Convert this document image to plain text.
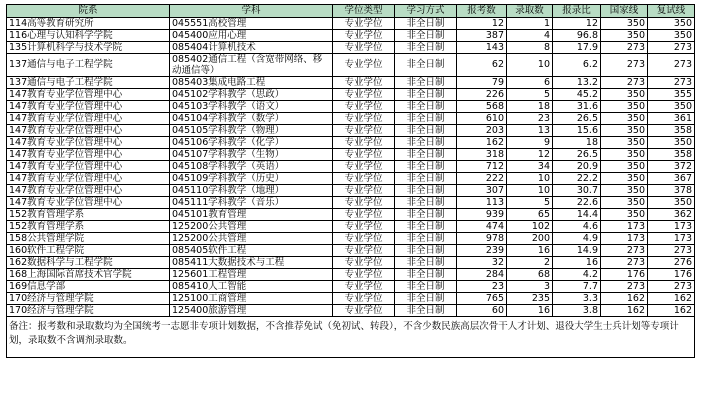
院系	学科	学位类型	学习方式	报考数	录取数	报录比	国家线	复试线
114高等教育研究所	045551高校管理	专业学位	非全日制	12	1	12	350	350
116心理与认知科学学院	045400应用心理	专业学位	非全日制	387	4	96.8	350	350
135计算机科学与技术学院	085404计算机技术	专业学位	非全日制	143	8	17.9	273	273
137通信与电子工程学院	085402通信工程（含宽带网络、移动通信等）	专业学位	非全日制	62	10	6.2	273	273
137通信与电子工程学院	085403集成电路工程	专业学位	非全日制	79	6	13.2	273	273
147教育专业学位管理中心	045102学科教学（思政）	专业学位	非全日制	226	5	45.2	350	355
147教育专业学位管理中心	045103学科教学（语文）	专业学位	非全日制	568	18	31.6	350	350
147教育专业学位管理中心	045104学科教学（数学）	专业学位	非全日制	610	23	26.5	350	361
147教育专业学位管理中心	045105学科教学（物理）	专业学位	非全日制	203	13	15.6	350	358
147教育专业学位管理中心	045106学科教学（化学）	专业学位	非全日制	162	9	18	350	350
147教育专业学位管理中心	045107学科教学（生物）	专业学位	非全日制	318	12	26.5	350	358
147教育专业学位管理中心	045108学科教学（英语）	专业学位	非全日制	712	34	20.9	350	372
147教育专业学位管理中心	045109学科教学（历史）	专业学位	非全日制	222	10	22.2	350	367
147教育专业学位管理中心	045110学科教学（地理）	专业学位	非全日制	307	10	30.7	350	378
147教育专业学位管理中心	045111学科教学（音乐）	专业学位	非全日制	113	5	22.6	350	350
152教育管理学系	045101教育管理	专业学位	非全日制	939	65	14.4	350	362
152教育管理学系	125200公共管理	专业学位	非全日制	474	102	4.6	173	173
158公共管理学院	125200公共管理	专业学位	非全日制	978	200	4.9	173	173
160软件工程学院	085405软件工程	专业学位	非全日制	239	16	14.9	273	273
162数据科学与工程学院	085411大数据技术与工程	专业学位	非全日制	32	2	16	273	276
168上海国际首席技术官学院	125601工程管理	专业学位	非全日制	284	68	4.2	176	176
169信息学部	085410人工智能	专业学位	非全日制	23	3	7.7	273	273
170经济与管理学院	125100工商管理	专业学位	非全日制	765	235	3.3	162	162
170经济与管理学院	125400旅游管理	专业学位	非全日制	60	16	3.8	162	162
备注：报考数和录取数均为全国统考一志愿非专项计划数据，不含推荐免试（免初试、转段），不含少数民族高层次骨干人才计划、退役大学生士兵计划等专项计划，录取数不含调剂录取数。								
